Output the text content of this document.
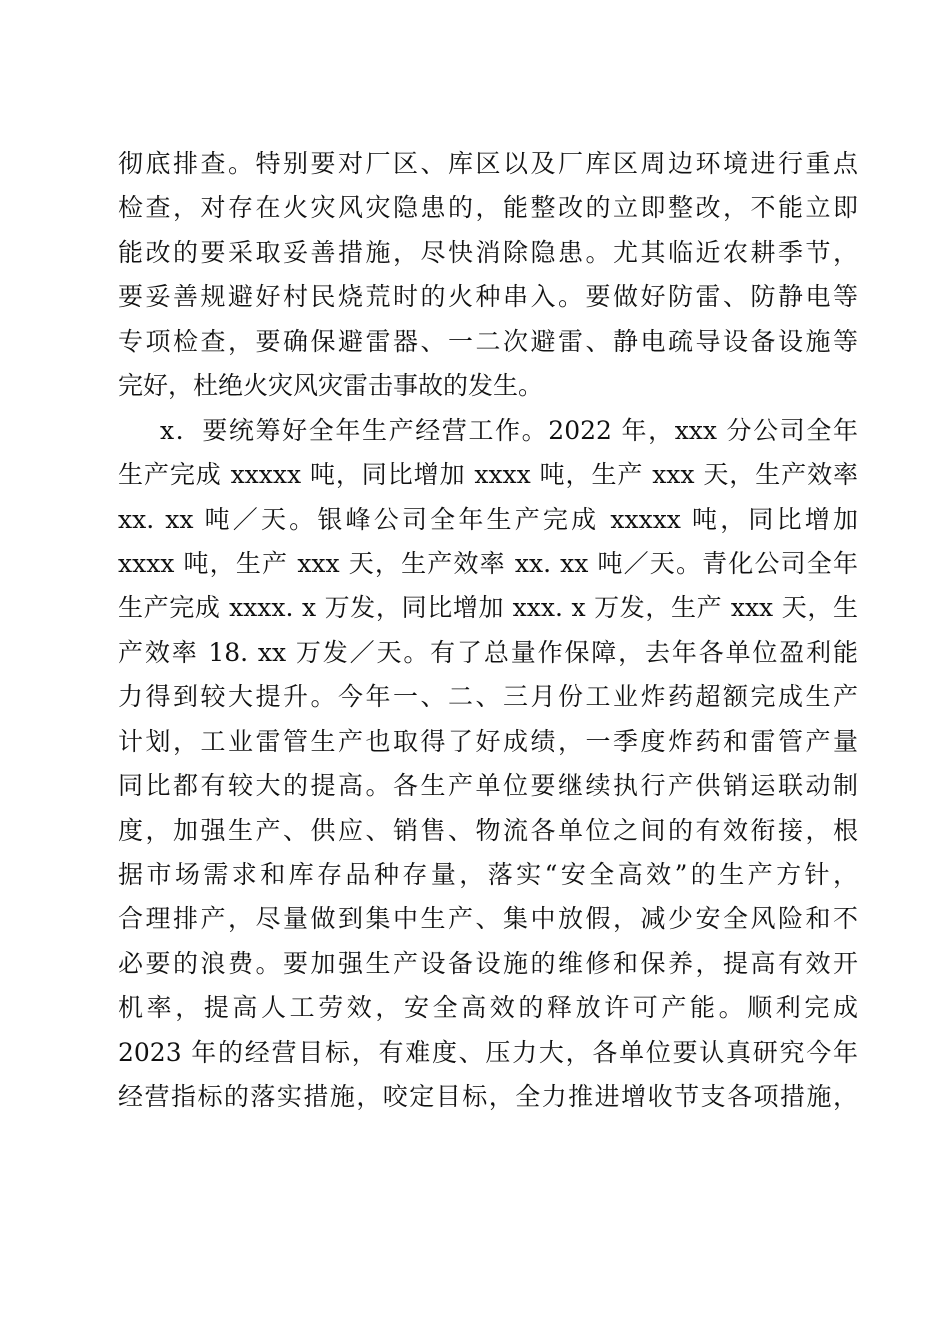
彻底排查。特别要对厂区、库区以及厂库区周边环境进行重点
检查，对存在火灾风灾隐患的，能整改的立即整改，不能立即
能改的要采取妥善措施，尽快消除隐患。尤其临近农耕季节，
要妥善规避好村民烧荒时的火种串入。要做好防雷、防静电等
专项检查，要确保避雷器、一二次避雷、静电疏导设备设施等
完好，杜绝火灾风灾雷击事故的发生。
x．要统筹好全年生产经营工作。2022 年，xxx 分公司全年
生产完成 xxxxx 吨，同比增加 xxxx 吨，生产 xxx 天，生产效率
xx. xx 吨／天。银峰公司全年生产完成 xxxxx 吨，同比增加
xxxx 吨，生产 xxx 天，生产效率 xx. xx 吨／天。青化公司全年
生产完成 xxxx. x 万发，同比增加 xxx. x 万发，生产 xxx 天，生
产效率 18. xx 万发／天。有了总量作保障，去年各单位盈利能
力得到较大提升。今年一、二、三月份工业炸药超额完成生产
计划，工业雷管生产也取得了好成绩，一季度炸药和雷管产量
同比都有较大的提高。各生产单位要继续执行产供销运联动制
度，加强生产、供应、销售、物流各单位之间的有效衔接，根
据市场需求和库存品种存量，落实“安全高效”的生产方针，
合理排产，尽量做到集中生产、集中放假，减少安全风险和不
必要的浪费。要加强生产设备设施的维修和保养，提高有效开
机率，提高人工劳效，安全高效的释放许可产能。顺利完成
2023 年的经营目标，有难度、压力大，各单位要认真研究今年
经营指标的落实措施，咬定目标，全力推进增收节支各项措施，
